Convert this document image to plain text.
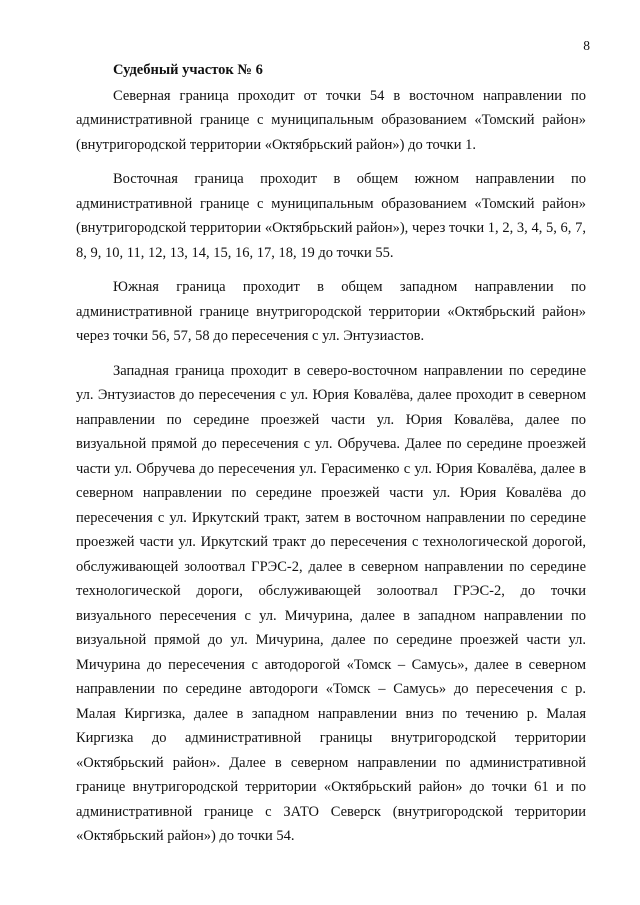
8

Судебный участок № 6

Северная граница проходит от точки 54 в восточном направлении по административной границе с муниципальным образованием «Томский район» (внутригородской территории «Октябрьский район») до точки 1.

Восточная граница проходит в общем южном направлении по административной границе с муниципальным образованием «Томский район» (внутригородской территории «Октябрьский район»), через точки 1, 2, 3, 4, 5, 6, 7, 8, 9, 10, 11, 12, 13, 14, 15, 16, 17, 18, 19 до точки 55.

Южная граница проходит в общем западном направлении по административной границе внутригородской территории «Октябрьский район» через точки 56, 57, 58 до пересечения с ул. Энтузиастов.

Западная граница проходит в северо-восточном направлении по середине ул. Энтузиастов до пересечения с ул. Юрия Ковалёва, далее проходит в северном направлении по середине проезжей части ул. Юрия Ковалёва, далее по визуальной прямой до пересечения с ул. Обручева. Далее по середине проезжей части ул. Обручева до пересечения ул. Герасименко с ул. Юрия Ковалёва, далее в северном направлении по середине проезжей части ул. Юрия Ковалёва до пересечения с ул. Иркутский тракт, затем в восточном направлении по середине проезжей части ул. Иркутский тракт до пересечения с технологической дорогой, обслуживающей золоотвал ГРЭС-2, далее в северном направлении по середине технологической дороги, обслуживающей золоотвал ГРЭС-2, до точки визуального пересечения с ул. Мичурина, далее в западном направлении по визуальной прямой до ул. Мичурина, далее по середине проезжей части ул. Мичурина до пересечения с автодорогой «Томск – Самусь», далее в северном направлении по середине автодороги «Томск – Самусь» до пересечения с р. Малая Киргизка, далее в западном направлении вниз по течению р. Малая Киргизка до административной границы внутригородской территории «Октябрьский район». Далее в северном направлении по административной границе внутригородской территории «Октябрьский район» до точки 61 и по административной границе с ЗАТО Северск (внутригородской территории «Октябрьский район») до точки 54.
